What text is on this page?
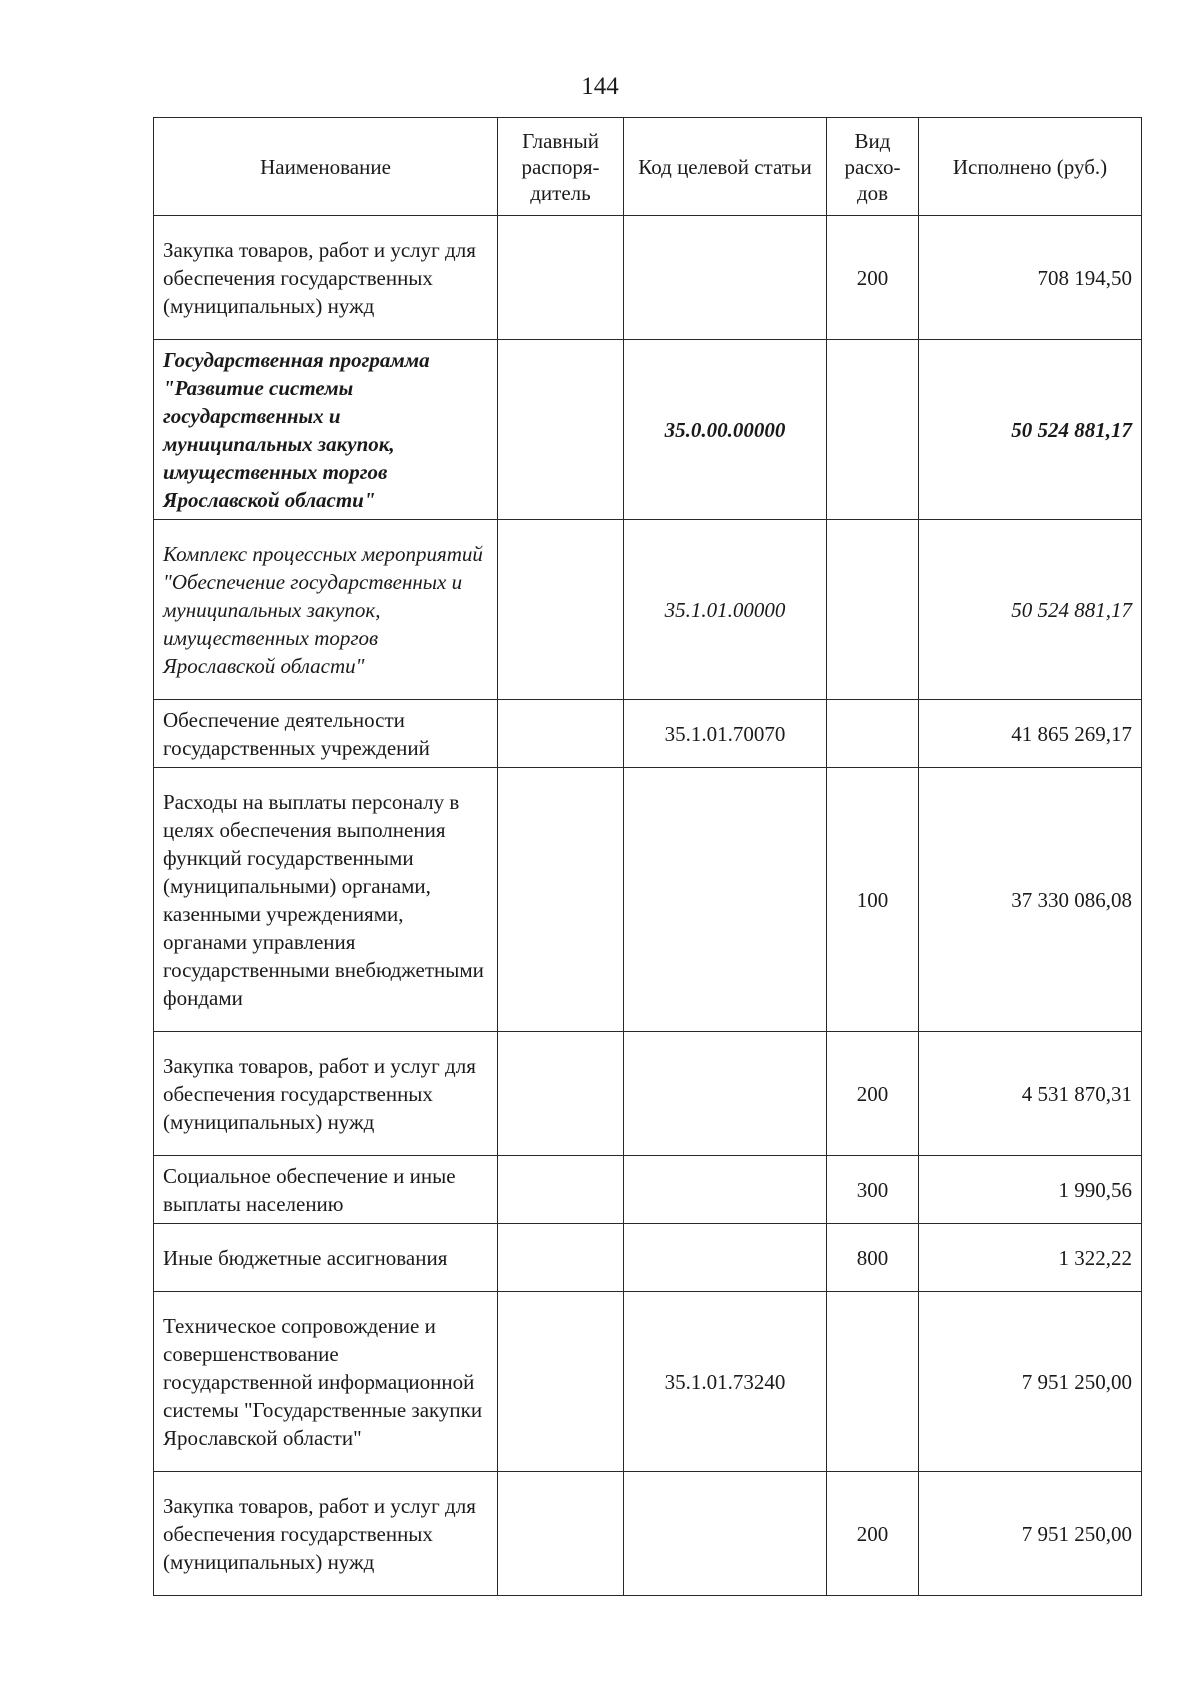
144
Наименование	Главный распоря-дитель	Код целевой статьи	Вид расхо-дов	Исполнено (руб.)
Закупка товаров, работ и услуг для обеспечения государственных (муниципальных) нужд			200	708 194,50
Государственная программа "Развитие системы государственных и муниципальных закупок, имущественных торгов Ярославской области"		35.0.00.00000		50 524 881,17
Комплекс процессных мероприятий "Обеспечение государственных и муниципальных закупок, имущественных торгов Ярославской области"		35.1.01.00000		50 524 881,17
Обеспечение деятельности государственных учреждений		35.1.01.70070		41 865 269,17
Расходы на выплаты персоналу в целях обеспечения выполнения функций государственными (муниципальными) органами, казенными учреждениями, органами управления государственными внебюджетными фондами			100	37 330 086,08
Закупка товаров, работ и услуг для обеспечения государственных (муниципальных) нужд			200	4 531 870,31
Социальное обеспечение и иные выплаты населению			300	1 990,56
Иные бюджетные ассигнования			800	1 322,22
Техническое сопровождение и совершенствование государственной информационной системы "Государственные закупки Ярославской области"		35.1.01.73240		7 951 250,00
Закупка товаров, работ и услуг для обеспечения государственных (муниципальных) нужд			200	7 951 250,00
